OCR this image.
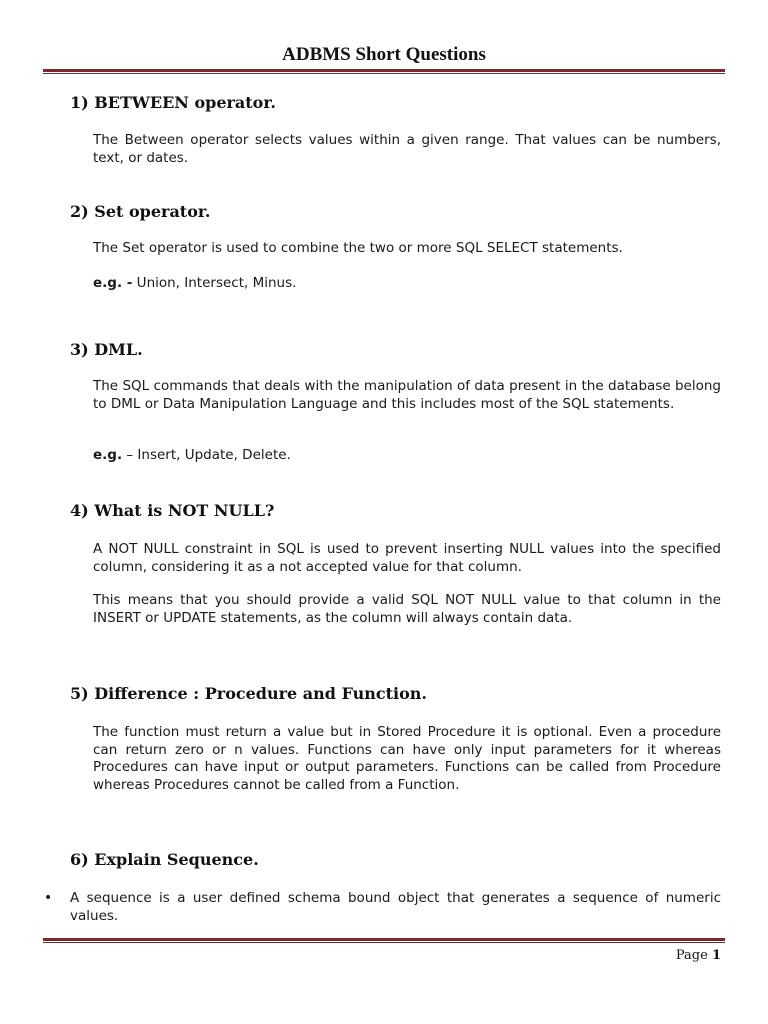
ADBMS Short Questions
1) BETWEEN operator.
The Between operator selects values within a given range. That values can be numbers, text, or dates.
2) Set operator.
The Set operator is used to combine the two or more SQL SELECT statements.
e.g. - Union, Intersect, Minus.
3) DML.
The SQL commands that deals with the manipulation of data present in the database belong to DML or Data Manipulation Language and this includes most of the SQL statements.
e.g. – Insert, Update, Delete.
4) What is NOT NULL?
A NOT NULL constraint in SQL is used to prevent inserting NULL values into the specified column, considering it as a not accepted value for that column.
This means that you should provide a valid SQL NOT NULL value to that column in the INSERT or UPDATE statements, as the column will always contain data.
5) Difference : Procedure and Function.
The function must return a value but in Stored Procedure it is optional. Even a procedure can return zero or n values. Functions can have only input parameters for it whereas Procedures can have input or output parameters. Functions can be called from Procedure whereas Procedures cannot be called from a Function.
6) Explain Sequence.
• A sequence is a user defined schema bound object that generates a sequence of numeric values.
Page 1
